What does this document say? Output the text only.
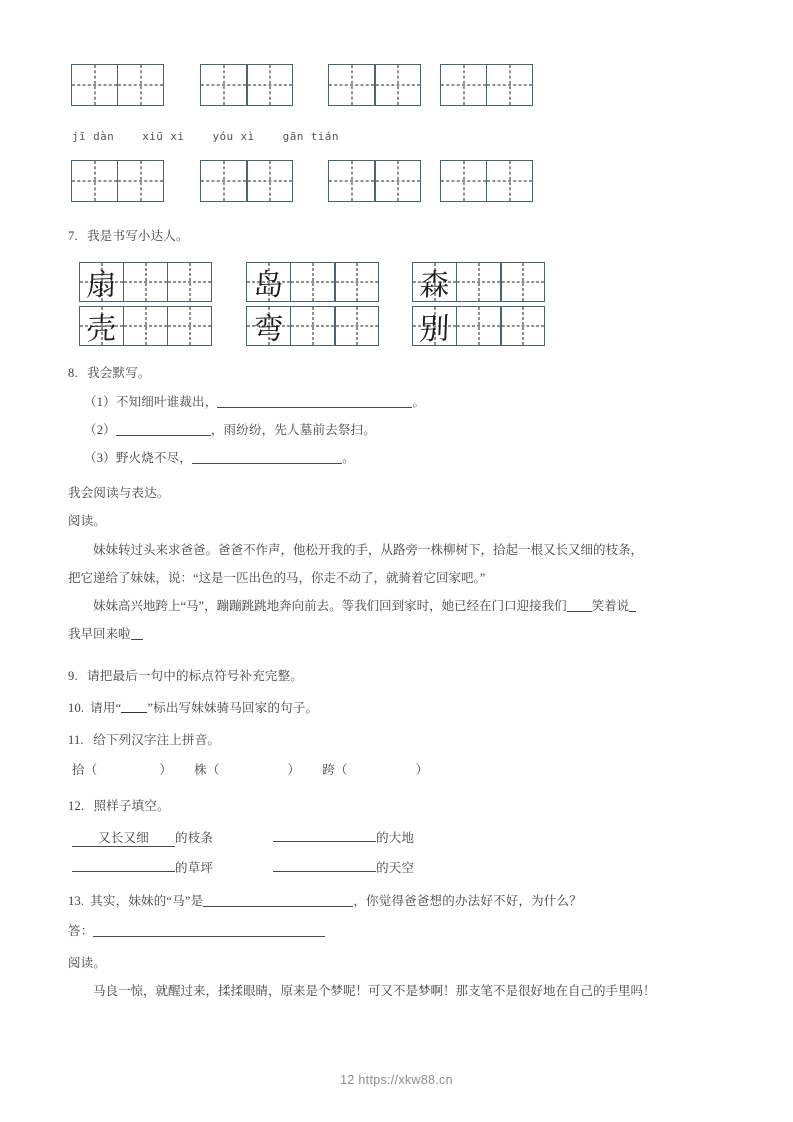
jī dàn    xiū xi    yóu xì    gān tián
7. 我是书写小达人。
扇	岛	森
壳	弯	别
8. 我会默写。
（1）不知细叶谁裁出，	。
（2）	，雨纷纷，先人墓前去祭扫。
（3）野火烧不尽，	。
我会阅读与表达。
阅读。
妹妹转过头来求爸爸。爸爸不作声，他松开我的手，从路旁一株柳树下，拾起一根又长又细的枝条，
把它递给了妹妹，说：“这是一匹出色的马，你走不动了，就骑着它回家吧。”
妹妹高兴地跨上“马”，蹦蹦跳跳地奔向前去。等我们回到家时，她已经在门口迎接我们 笑着说
我早回来啦
9. 请把最后一句中的标点符号补充完整。
10. 请用“ ”标出写妹妹骑马回家的句子。
11. 给下列汉字注上拼音。
拾（	） 株（	） 跨（	）
12. 照样子填空。
又长又细 的枝条	的大地
的草坪	的天空
13. 其实，妹妹的“马”是	，你觉得爸爸想的办法好不好，为什么？
答：
阅读。
马良一惊，就醒过来，揉揉眼睛，原来是个梦呢！可又不是梦啊！那支笔不是很好地在自己的手里吗！
12 https://xkw88.cn
